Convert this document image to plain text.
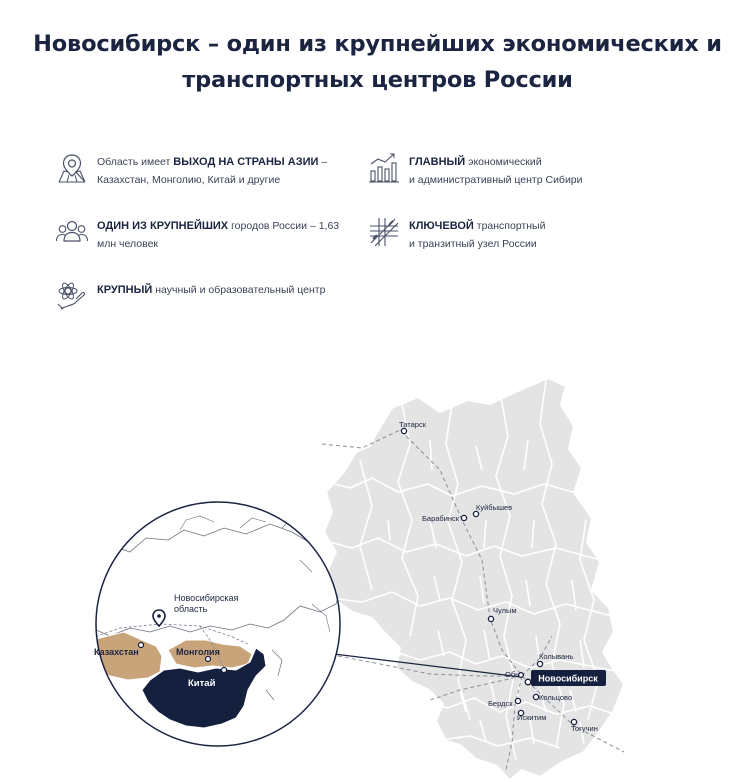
Новосибирск – один из крупнейших экономических и
транспортных центров России
Область имеет ВЫХОД НА СТРАНЫ АЗИИ –
Казахстан, Монголию, Китай и другие
ГЛАВНЫЙ экономический
и административный центр Сибири
ОДИН ИЗ КРУПНЕЙШИХ городов России – 1,63
млн человек
КЛЮЧЕВОЙ транспортный
и транзитный узел России
КРУПНЫЙ научный и образовательный центр
Татарск
Куйбышев
Барабинск
Чулым
Колывань
Обь
Кольцово
Бердск
Искитим
Тогучин
Новосибирск
Новосибирская
область
Казахстан	Монголия
Китай
